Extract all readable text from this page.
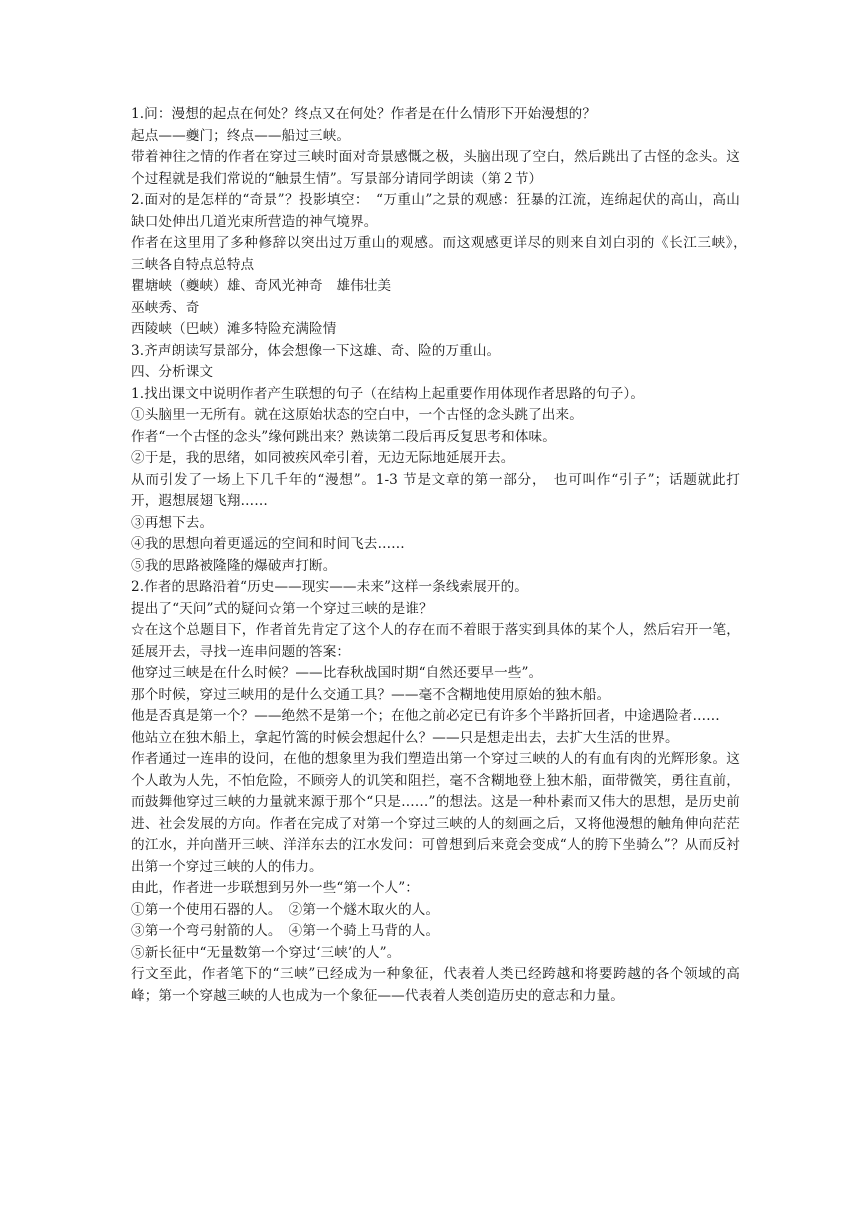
1.问：漫想的起点在何处？终点又在何处？作者是在什么情形下开始漫想的？

起点——夔门；终点——船过三峡。

带着神往之情的作者在穿过三峡时面对奇景感慨之极，头脑出现了空白，然后跳出了古怪的念头。这个过程就是我们常说的“触景生情”。写景部分请同学朗读（第２节）

2.面对的是怎样的“奇景”？投影填空：　“万重山”之景的观感：狂暴的江流，连绵起伏的高山，高山缺口处伸出几道光束所营造的神气境界。

作者在这里用了多种修辞以突出过万重山的观感。而这观感更详尽的则来自刘白羽的《长江三峡》，　三峡各自特点总特点

瞿塘峡（夔峡）雄、奇风光神奇　雄伟壮美

巫峡秀、奇

西陵峡（巴峡）滩多特险充满险情

3.齐声朗读写景部分，体会想像一下这雄、奇、险的万重山。

四、分析课文

1.找出课文中说明作者产生联想的句子（在结构上起重要作用体现作者思路的句子）。

①头脑里一无所有。就在这原始状态的空白中，一个古怪的念头跳了出来。

作者“一个古怪的念头”缘何跳出来？熟读第二段后再反复思考和体味。

②于是，我的思绪，如同被疾风牵引着，无边无际地延展开去。

从而引发了一场上下几千年的“漫想”。1-3 节是文章的第一部分，　也可叫作“引子”；话题就此打开，遐想展翅飞翔……

③再想下去。

④我的思想向着更遥远的空间和时间飞去……

⑤我的思路被隆隆的爆破声打断。

2.作者的思路沿着“历史——现实——未来”这样一条线索展开的。

提出了“天问”式的疑问☆第一个穿过三峡的是谁？

☆在这个总题目下，作者首先肯定了这个人的存在而不着眼于落实到具体的某个人，然后宕开一笔，延展开去，寻找一连串问题的答案：

他穿过三峡是在什么时候？——比春秋战国时期“自然还要早一些”。

那个时候，穿过三峡用的是什么交通工具？——毫不含糊地使用原始的独木船。

他是否真是第一个？——绝然不是第一个；在他之前必定已有许多个半路折回者，中途遇险者……

他站立在独木船上，拿起竹篙的时候会想起什么？——只是想走出去，去扩大生活的世界。

作者通过一连串的设问，在他的想象里为我们塑造出第一个穿过三峡的人的有血有肉的光辉形象。这个人敢为人先，不怕危险，不顾旁人的讥笑和阻拦，毫不含糊地登上独木船，面带微笑，勇往直前，而鼓舞他穿过三峡的力量就来源于那个“只是……”的想法。这是一种朴素而又伟大的思想，是历史前进、社会发展的方向。作者在完成了对第一个穿过三峡的人的刻画之后，又将他漫想的触角伸向茫茫的江水，并向凿开三峡、洋洋东去的江水发问：可曾想到后来竟会变成“人的胯下坐骑么”？从而反衬出第一个穿过三峡的人的伟力。

由此，作者进一步联想到另外一些“第一个人”：

①第一个使用石器的人。　②第一个燧木取火的人。

③第一个弯弓射箭的人。　④第一个骑上马背的人。

⑤新长征中“无量数第一个穿过‘三峡’的人”。

行文至此，作者笔下的“三峡”已经成为一种象征，代表着人类已经跨越和将要跨越的各个领域的高峰；第一个穿越三峡的人也成为一个象征——代表着人类创造历史的意志和力量。
